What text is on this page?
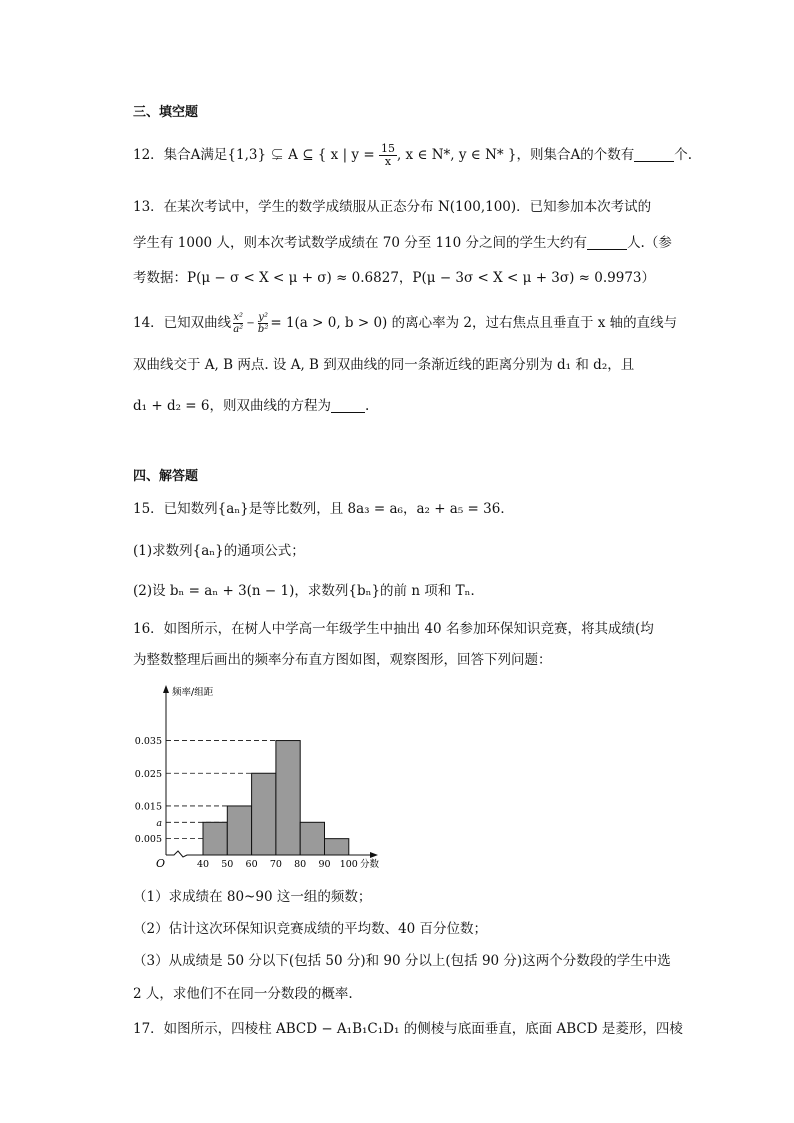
三、填空题
12．集合A满足{1,3} ⊊ A ⊆ { x | $y = \frac{15}{x}$ , x ∈ N*, y ∈ N* }，则集合A的个数有	个.
13．在某次考试中，学生的数学成绩服从正态分布 N(100,100)．已知参加本次考试的
学生有 1000 人，则本次考试数学成绩在 70 分至 110 分之间的学生大约有	人.（参
考数据：P(μ − σ < X < μ + σ) ≈ 0.6827，P(μ − 3σ < X < μ + 3σ) ≈ 0.9973）
14．已知双曲线 $\frac{\text{x²}}{\text{a²}} - \frac{\text{y²}}{\text{b²}} = 1(a > 0$, b > 0) 的离心率为 2，过右焦点且垂直于 x 轴的直线与
双曲线交于 A, B 两点. 设 A, B 到双曲线的同一条渐近线的距离分别为 d₁ 和 d₂，且
d₁ + d₂ = 6，则双曲线的方程为	.
四、解答题
15．已知数列{aₙ}是等比数列，且 8a₃ = a₆，a₂ + a₅ = 36．
(1)求数列{aₙ}的通项公式；
(2)设 bₙ = aₙ + 3(n − 1)，求数列{bₙ}的前 n 项和 Tₙ．
16．如图所示，在树人中学高一年级学生中抽出 40 名参加环保知识竞赛，将其成绩(均
为整数整理后画出的频率分布直方图如图，观察图形，回答下列问题：
频率/组距
分数
O
0.035
0.025
0.015
a
0.005
40 50 60 70 80 90 100
（1）求成绩在 80~90 这一组的频数；
（2）估计这次环保知识竞赛成绩的平均数、40 百分位数；
（3）从成绩是 50 分以下(包括 50 分)和 90 分以上(包括 90 分)这两个分数段的学生中选
2 人，求他们不在同一分数段的概率.
17．如图所示，四棱柱 ABCD − A₁B₁C₁D₁ 的侧棱与底面垂直，底面 ABCD 是菱形，四棱
